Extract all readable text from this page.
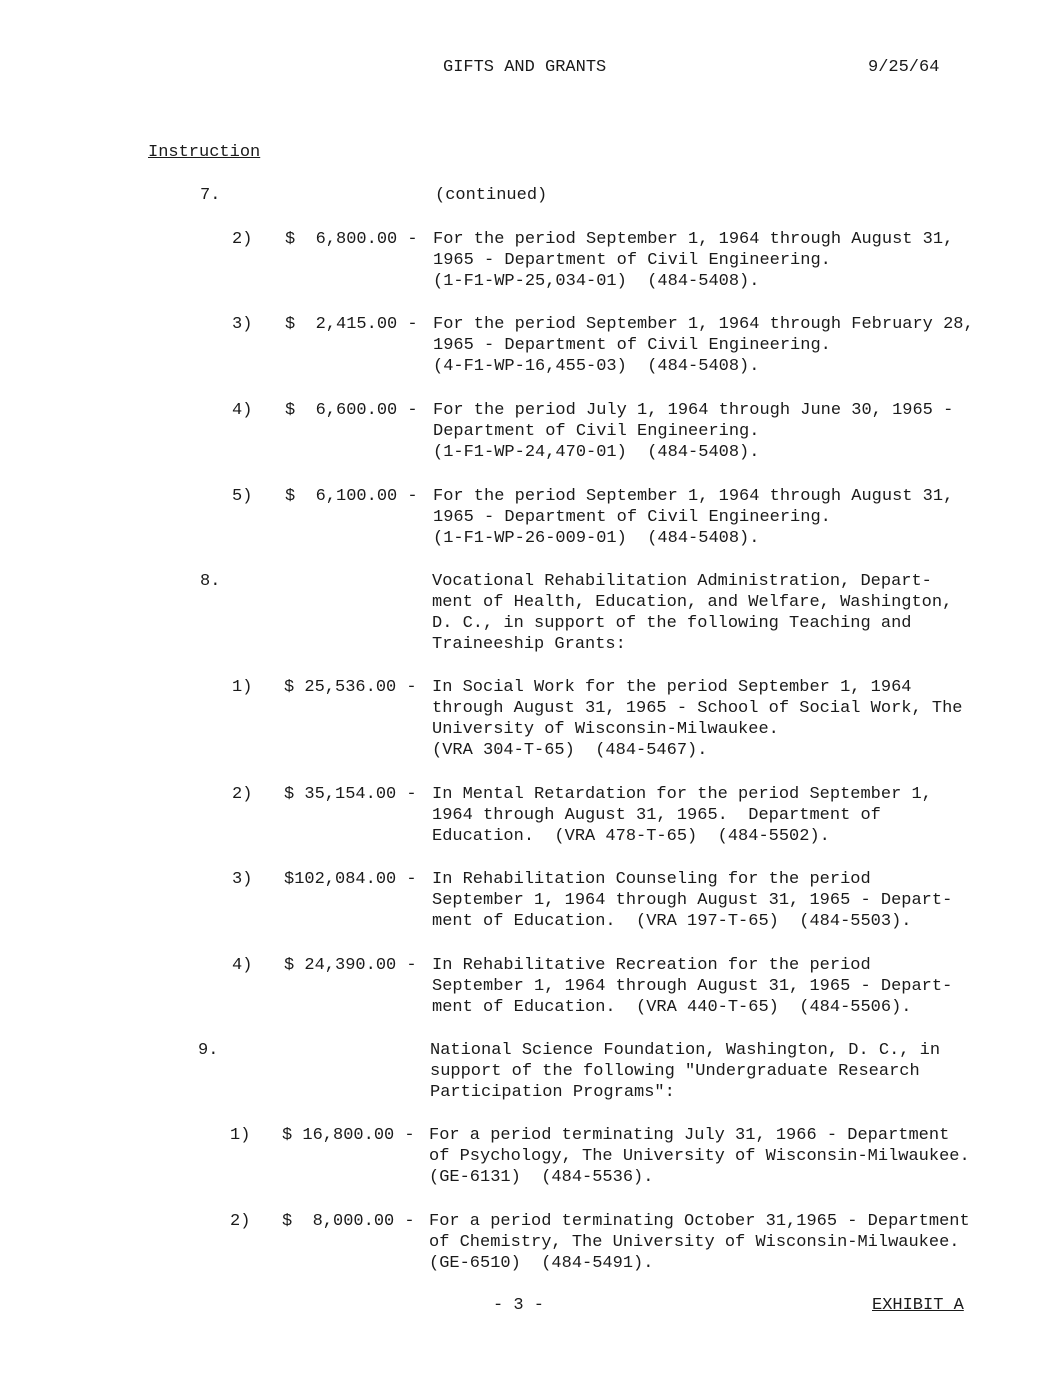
GIFTS AND GRANTS	9/25/64
Instruction
7.	(continued)
2) $  6,800.00 - For the period September 1, 1964 through August 31,
1965 - Department of Civil Engineering.
(1-F1-WP-25,034-01)  (484-5408).
3) $  2,415.00 - For the period September 1, 1964 through February 28,
1965 - Department of Civil Engineering.
(4-F1-WP-16,455-03)  (484-5408).
4) $  6,600.00 - For the period July 1, 1964 through June 30, 1965 -
Department of Civil Engineering.
(1-F1-WP-24,470-01)  (484-5408).
5) $  6,100.00 - For the period September 1, 1964 through August 31,
1965 - Department of Civil Engineering.
(1-F1-WP-26-009-01)  (484-5408).
8.	Vocational Rehabilitation Administration, Depart-
ment of Health, Education, and Welfare, Washington,
D. C., in support of the following Teaching and
Traineeship Grants:
1) $ 25,536.00 - In Social Work for the period September 1, 1964
through August 31, 1965 - School of Social Work, The
University of Wisconsin-Milwaukee.
(VRA 304-T-65)  (484-5467).
2) $ 35,154.00 - In Mental Retardation for the period September 1,
1964 through August 31, 1965.  Department of
Education.  (VRA 478-T-65)  (484-5502).
3) $102,084.00 - In Rehabilitation Counseling for the period
September 1, 1964 through August 31, 1965 - Depart-
ment of Education.  (VRA 197-T-65)  (484-5503).
4) $ 24,390.00 - In Rehabilitative Recreation for the period
September 1, 1964 through August 31, 1965 - Depart-
ment of Education.  (VRA 440-T-65)  (484-5506).
9.	National Science Foundation, Washington, D. C., in
support of the following "Undergraduate Research
Participation Programs":
1) $ 16,800.00 - For a period terminating July 31, 1966 - Department
of Psychology, The University of Wisconsin-Milwaukee.
(GE-6131)  (484-5536).
2) $  8,000.00 - For a period terminating October 31,1965 - Department
of Chemistry, The University of Wisconsin-Milwaukee.
(GE-6510)  (484-5491).
- 3 -	EXHIBIT A
